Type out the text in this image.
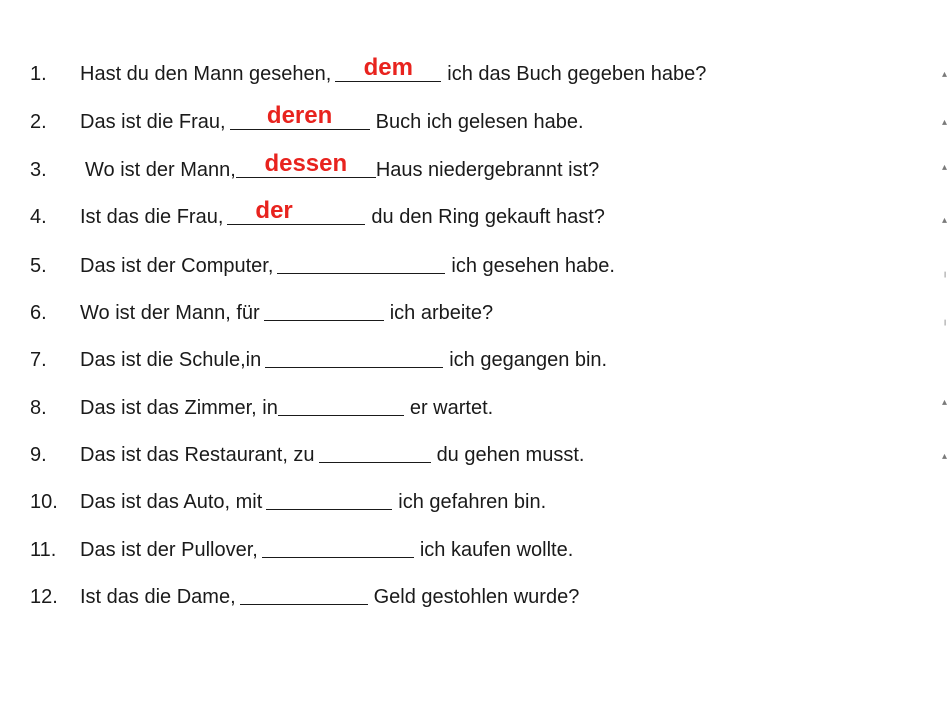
1.	Hast du den Mann gesehen,	dem	ich das Buch gegeben habe?
2.	Das ist die Frau,	deren	Buch ich gelesen habe.
3.	Wo ist der Mann,	dessen	Haus niedergebrannt ist?
4.	Ist das die Frau,	der	du den Ring gekauft hast?
5.	Das ist der Computer,	ich gesehen habe.
6.	Wo ist der Mann, für	ich arbeite?
7.	Das ist die Schule,in	ich gegangen bin.
8.	Das ist das Zimmer, in	er wartet.
9.	Das ist das Restaurant, zu	du gehen musst.
10.	Das ist das Auto, mit	ich gefahren bin.
11.	Das ist der Pullover,	ich kaufen wollte.
12.	Ist das die Dame,	Geld gestohlen wurde?
▴
▴
▴
▴
╷
╷
▴
▴
